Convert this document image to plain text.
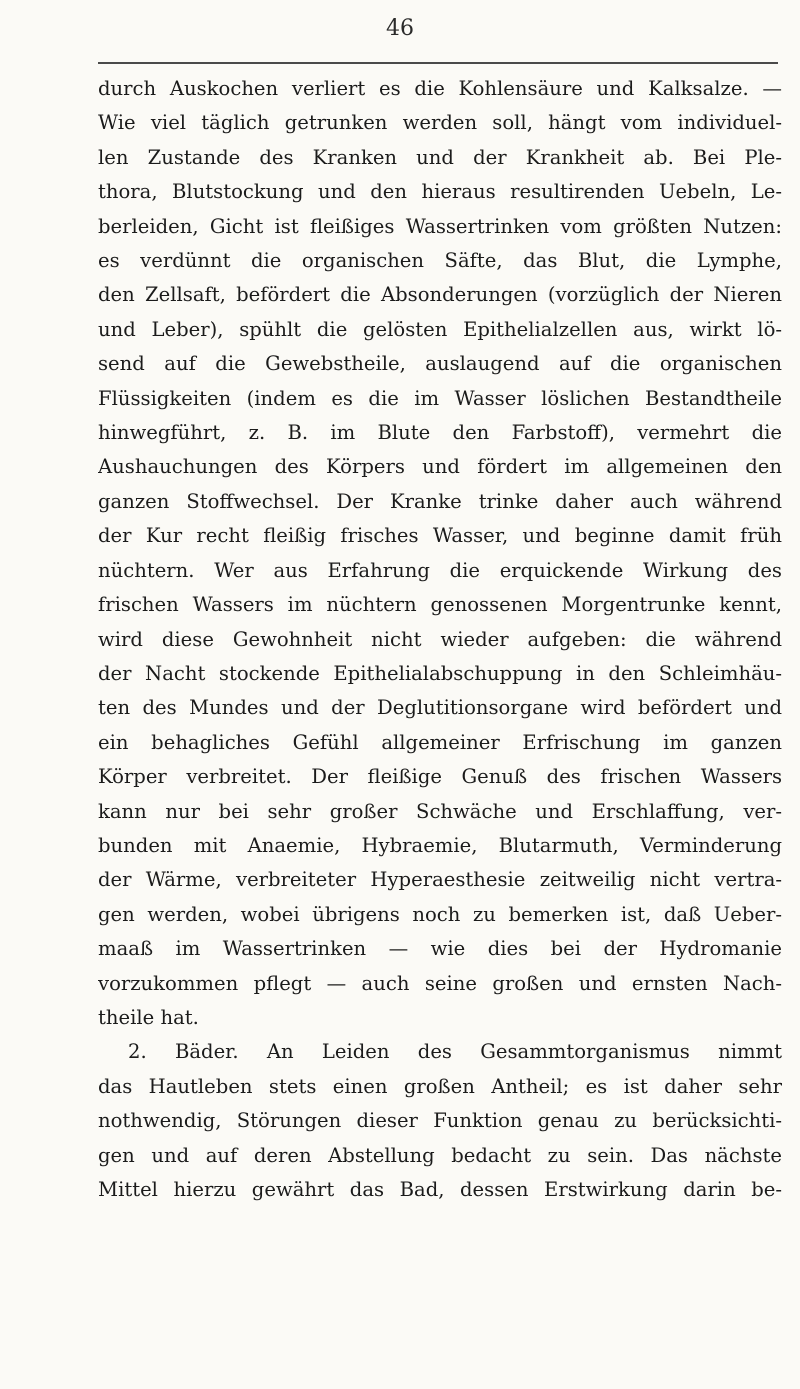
46
durch Auskochen verliert es die Kohlensäure und Kalksalze. —
Wie viel täglich getrunken werden soll, hängt vom individuel-
len Zustande des Kranken und der Krankheit ab. Bei Ple-
thora, Blutstockung und den hieraus resultirenden Uebeln, Le-
berleiden, Gicht ist fleißiges Wassertrinken vom größten Nutzen:
es verdünnt die organischen Säfte, das Blut, die Lymphe,
den Zellsaft, befördert die Absonderungen (vorzüglich der Nieren
und Leber), spühlt die gelösten Epithelialzellen aus, wirkt lö-
send auf die Gewebstheile, auslaugend auf die organischen
Flüssigkeiten (indem es die im Wasser löslichen Bestandtheile
hinwegführt, z. B. im Blute den Farbstoff), vermehrt die
Aushauchungen des Körpers und fördert im allgemeinen den
ganzen Stoffwechsel. Der Kranke trinke daher auch während
der Kur recht fleißig frisches Wasser, und beginne damit früh
nüchtern. Wer aus Erfahrung die erquickende Wirkung des
frischen Wassers im nüchtern genossenen Morgentrunke kennt,
wird diese Gewohnheit nicht wieder aufgeben: die während
der Nacht stockende Epithelialabschuppung in den Schleimhäu-
ten des Mundes und der Deglutitionsorgane wird befördert und
ein behagliches Gefühl allgemeiner Erfrischung im ganzen
Körper verbreitet. Der fleißige Genuß des frischen Wassers
kann nur bei sehr großer Schwäche und Erschlaffung, ver-
bunden mit Anaemie, Hybraemie, Blutarmuth, Verminderung
der Wärme, verbreiteter Hyperaesthesie zeitweilig nicht vertra-
gen werden, wobei übrigens noch zu bemerken ist, daß Ueber-
maaß im Wassertrinken — wie dies bei der Hydromanie
vorzukommen pflegt — auch seine großen und ernsten Nach-
theile hat.
2. Bäder. An Leiden des Gesammtorganismus nimmt
das Hautleben stets einen großen Antheil; es ist daher sehr
nothwendig, Störungen dieser Funktion genau zu berücksichti-
gen und auf deren Abstellung bedacht zu sein. Das nächste
Mittel hierzu gewährt das Bad, dessen Erstwirkung darin be-
